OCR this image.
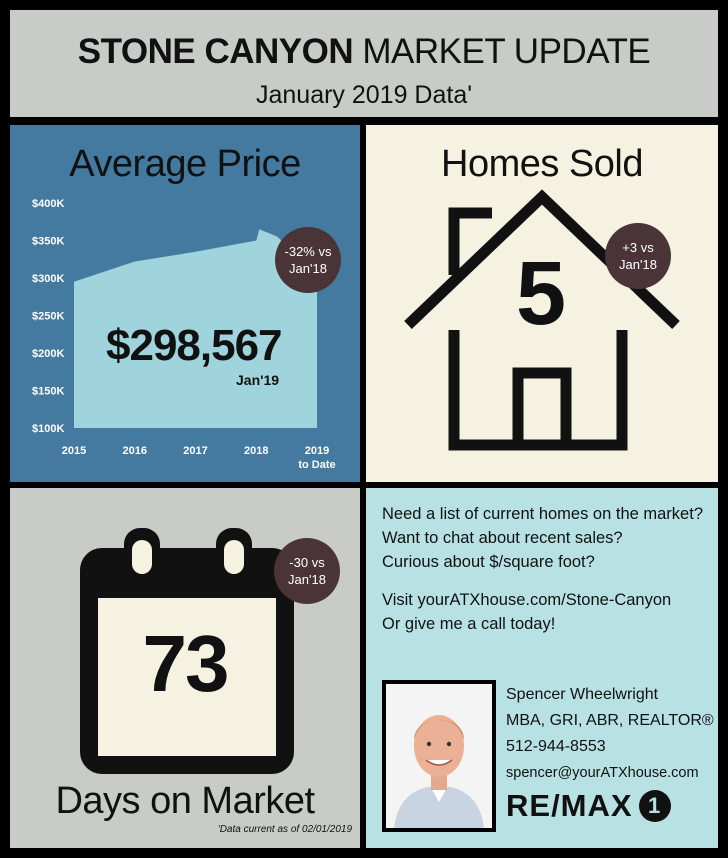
STONE CANYON MARKET UPDATE
January 2019 Data'
$400K
$350K
$300K
$250K
$200K
$150K
$100K
2015	2016	2017	2018	2019
to Date
Average Price
$298,567
Jan'19
-32% vs
Jan'18
Homes Sold
5	+3 vs
Jan'18
73
-30 vs
Jan'18
Days on Market
'Data current as of 02/01/2019
Need a list of current homes on the market?
Want to chat about recent sales?
Curious about $/square foot?
Visit yourATXhouse.com/Stone-Canyon
Or give me a call today!
Spencer Wheelwright
MBA, GRI, ABR, REALTOR®
512-944-8553
spencer@yourATXhouse.com
RE/MAX 1
